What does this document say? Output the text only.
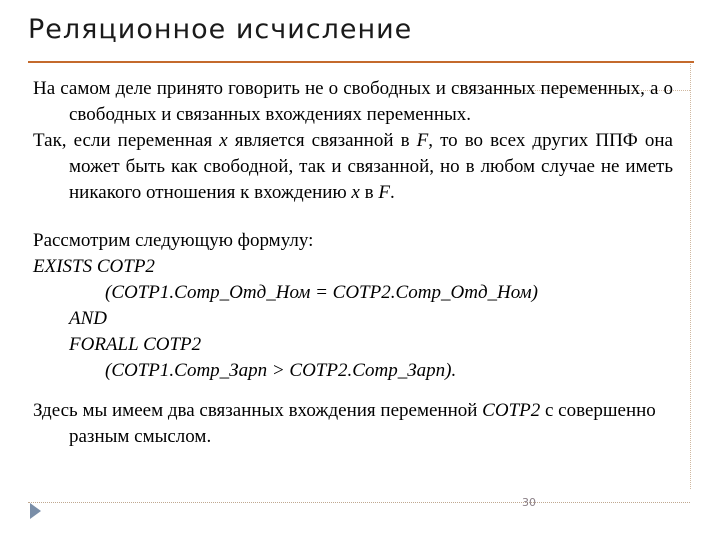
Реляционное исчисление

На самом деле принято говорить не о свободных и связанных переменных, а о свободных и связанных вхождениях переменных.

Так, если переменная x является связанной в F, то во всех других ППФ она может быть как свободной, так и связанной, но в любом случае не иметь никакого отношения к вхождению x в F.

Рассмотрим следующую формулу:

EXISTS СОТР2

(СОТР1.Сотр_Отд_Ном = СОТР2.Сотр_Отд_Ном)

AND

FORALL СОТР2

(СОТР1.Сотр_Зарп > СОТР2.Сотр_Зарп).

Здесь мы имеем два связанных вхождения переменной СОТР2 с совершенно разным смыслом.

30
